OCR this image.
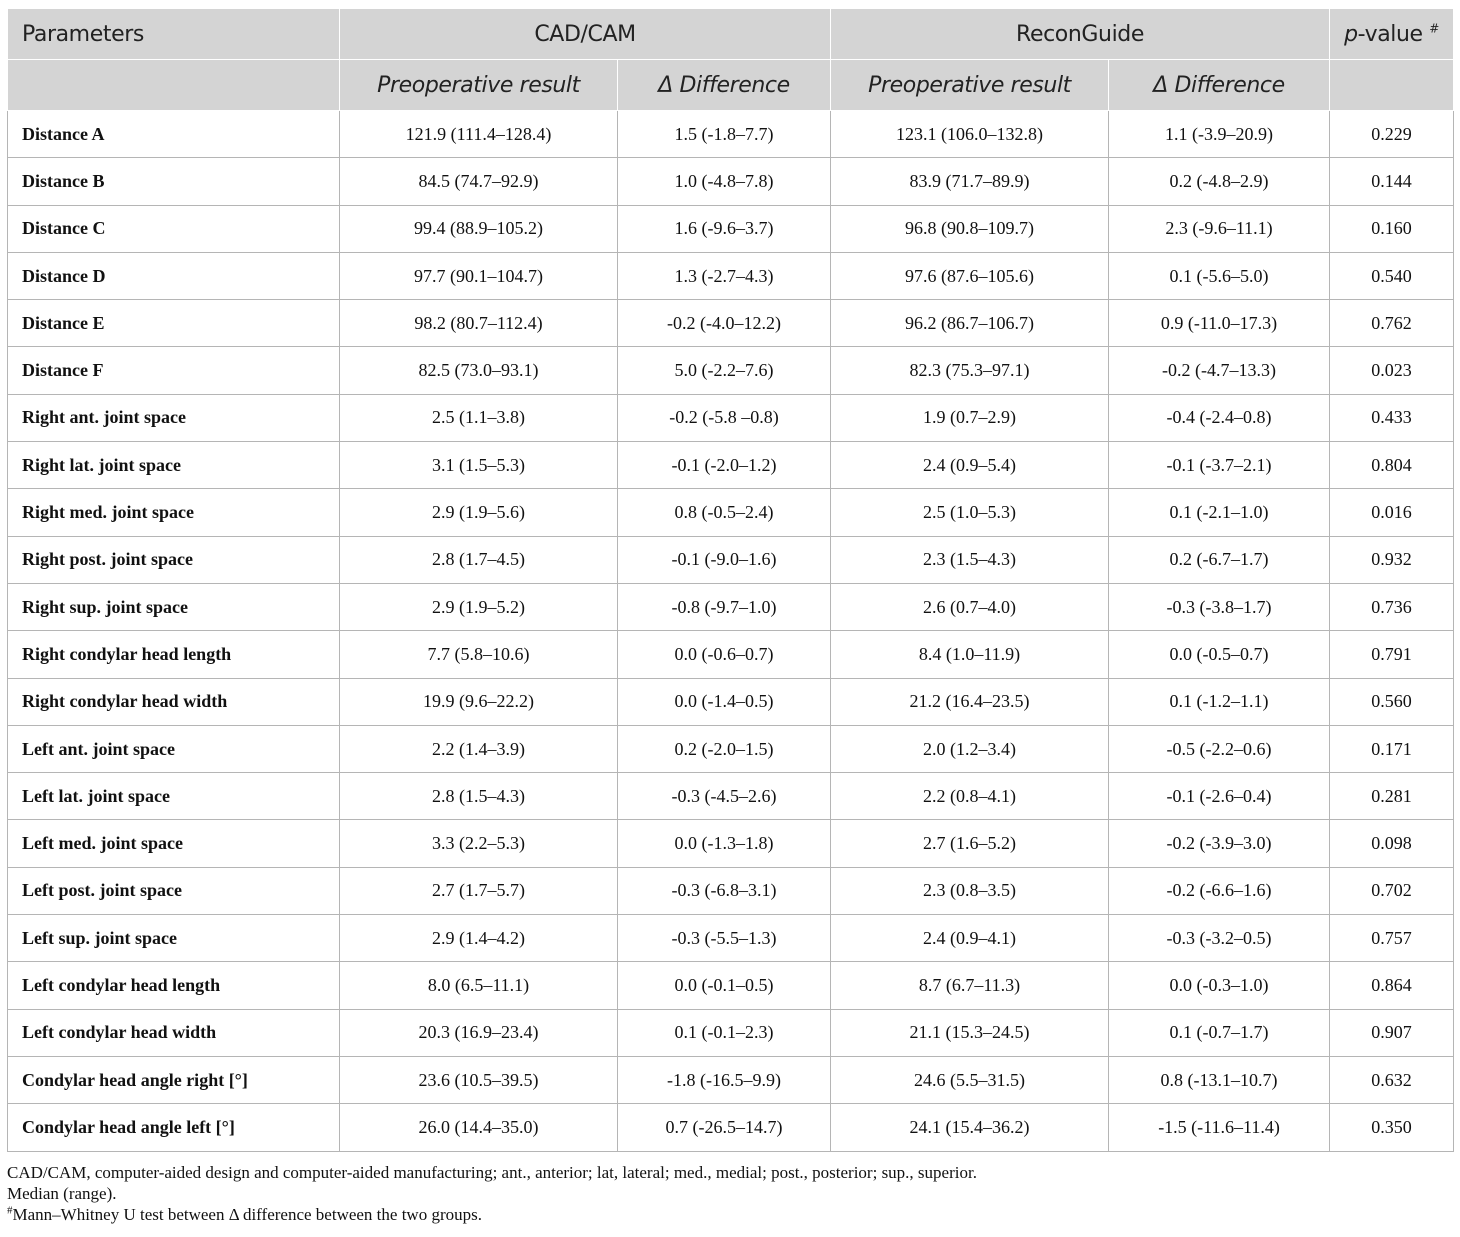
Parameters	CAD/CAM		ReconGuide		p-value #
	Preoperative result	Δ Difference	Preoperative result	Δ Difference	
Distance A	121.9 (111.4–128.4)	1.5 (-1.8–7.7)	123.1 (106.0–132.8)	1.1 (-3.9–20.9)	0.229
Distance B	84.5 (74.7–92.9)	1.0 (-4.8–7.8)	83.9 (71.7–89.9)	0.2 (-4.8–2.9)	0.144
Distance C	99.4 (88.9–105.2)	1.6 (-9.6–3.7)	96.8 (90.8–109.7)	2.3 (-9.6–11.1)	0.160
Distance D	97.7 (90.1–104.7)	1.3 (-2.7–4.3)	97.6 (87.6–105.6)	0.1 (-5.6–5.0)	0.540
Distance E	98.2 (80.7–112.4)	-0.2 (-4.0–12.2)	96.2 (86.7–106.7)	0.9 (-11.0–17.3)	0.762
Distance F	82.5 (73.0–93.1)	5.0 (-2.2–7.6)	82.3 (75.3–97.1)	-0.2 (-4.7–13.3)	0.023
Right ant. joint space	2.5 (1.1–3.8)	-0.2 (-5.8 –0.8)	1.9 (0.7–2.9)	-0.4 (-2.4–0.8)	0.433
Right lat. joint space	3.1 (1.5–5.3)	-0.1 (-2.0–1.2)	2.4 (0.9–5.4)	-0.1 (-3.7–2.1)	0.804
Right med. joint space	2.9 (1.9–5.6)	0.8 (-0.5–2.4)	2.5 (1.0–5.3)	0.1 (-2.1–1.0)	0.016
Right post. joint space	2.8 (1.7–4.5)	-0.1 (-9.0–1.6)	2.3 (1.5–4.3)	0.2 (-6.7–1.7)	0.932
Right sup. joint space	2.9 (1.9–5.2)	-0.8 (-9.7–1.0)	2.6 (0.7–4.0)	-0.3 (-3.8–1.7)	0.736
Right condylar head length	7.7 (5.8–10.6)	0.0 (-0.6–0.7)	8.4 (1.0–11.9)	0.0 (-0.5–0.7)	0.791
Right condylar head width	19.9 (9.6–22.2)	0.0 (-1.4–0.5)	21.2 (16.4–23.5)	0.1 (-1.2–1.1)	0.560
Left ant. joint space	2.2 (1.4–3.9)	0.2 (-2.0–1.5)	2.0 (1.2–3.4)	-0.5 (-2.2–0.6)	0.171
Left lat. joint space	2.8 (1.5–4.3)	-0.3 (-4.5–2.6)	2.2 (0.8–4.1)	-0.1 (-2.6–0.4)	0.281
Left med. joint space	3.3 (2.2–5.3)	0.0 (-1.3–1.8)	2.7 (1.6–5.2)	-0.2 (-3.9–3.0)	0.098
Left post. joint space	2.7 (1.7–5.7)	-0.3 (-6.8–3.1)	2.3 (0.8–3.5)	-0.2 (-6.6–1.6)	0.702
Left sup. joint space	2.9 (1.4–4.2)	-0.3 (-5.5–1.3)	2.4 (0.9–4.1)	-0.3 (-3.2–0.5)	0.757
Left condylar head length	8.0 (6.5–11.1)	0.0 (-0.1–0.5)	8.7 (6.7–11.3)	0.0 (-0.3–1.0)	0.864
Left condylar head width	20.3 (16.9–23.4)	0.1 (-0.1–2.3)	21.1 (15.3–24.5)	0.1 (-0.7–1.7)	0.907
Condylar head angle right [°]	23.6 (10.5–39.5)	-1.8 (-16.5–9.9)	24.6 (5.5–31.5)	0.8 (-13.1–10.7)	0.632
Condylar head angle left [°]	26.0 (14.4–35.0)	0.7 (-26.5–14.7)	24.1 (15.4–36.2)	-1.5 (-11.6–11.4)	0.350
CAD/CAM, computer-aided design and computer-aided manufacturing; ant., anterior; lat, lateral; med., medial; post., posterior; sup., superior.
Median (range).
#Mann–Whitney U test between Δ difference between the two groups.
